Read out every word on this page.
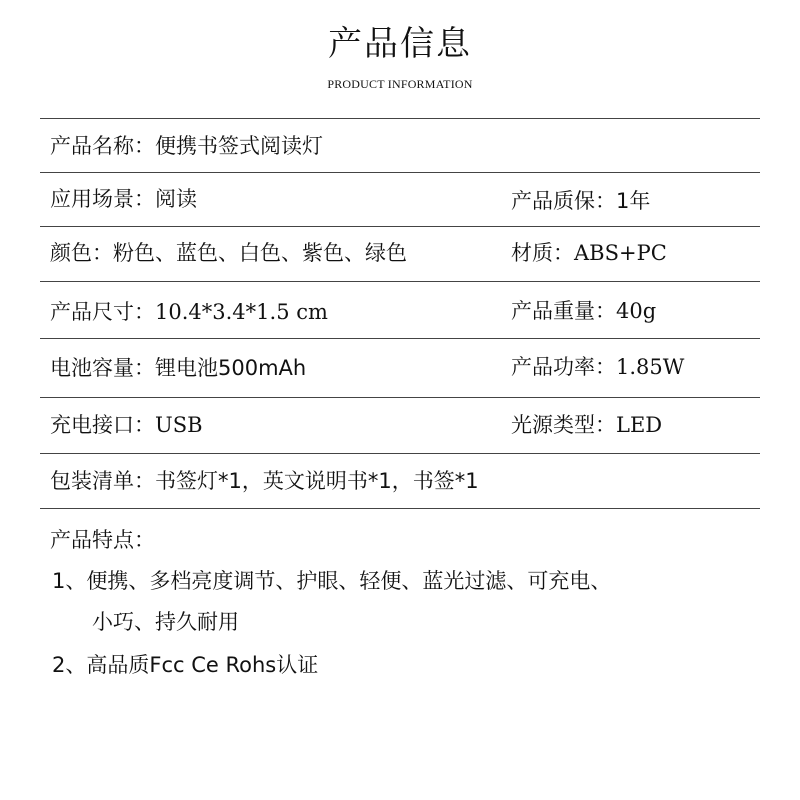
产品信息
PRODUCT INFORMATION
产品名称：便携书签式阅读灯
应用场景：阅读	产品质保：1年
颜色：粉色、蓝色、白色、紫色、绿色	材质：ABS+PC
产品尺寸：10.4*3.4*1.5 cm	产品重量：40g
电池容量：锂电池500mAh	产品功率：1.85W
充电接口：USB	光源类型：LED
包装清单：书签灯*1，英文说明书*1，书签*1
产品特点：
1、便携、多档亮度调节、护眼、轻便、蓝光过滤、可充电、
小巧、持久耐用
2、高品质Fcc Ce Rohs认证
